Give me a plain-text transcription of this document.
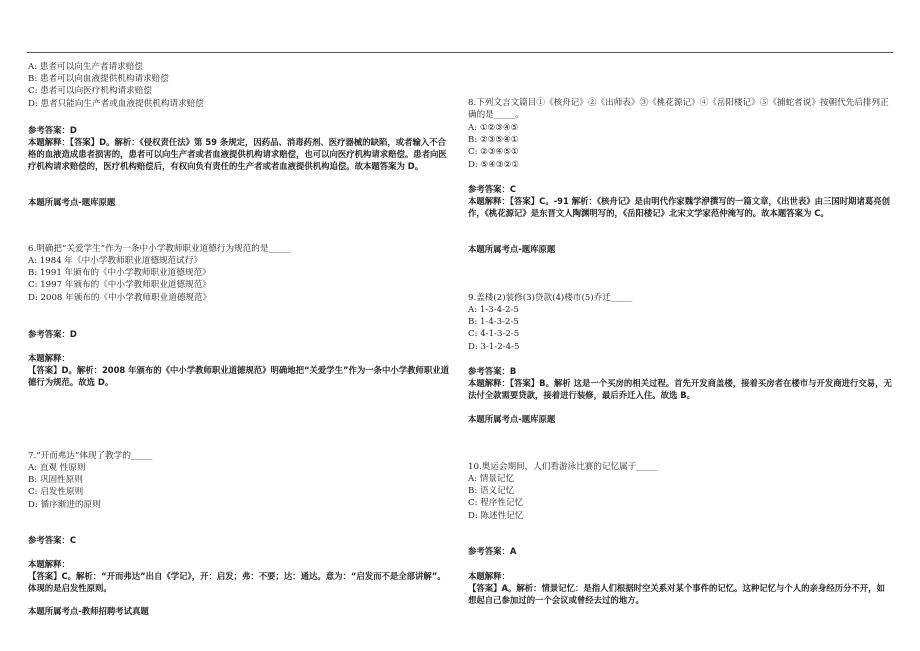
A: 患者可以向生产者请求赔偿
B: 患者可以向血液提供机构请求赔偿
C: 患者可以向医疗机构请求赔偿
D: 患者只能向生产者或血液提供机构请求赔偿
参考答案：D
本题解释：【答案】D。解析：《侵权责任法》第 59 条规定，因药品、消毒药剂、医疗器械的缺陷，或者输入不合格的血液造成患者损害的，患者可以向生产者或者血液提供机构请求赔偿，也可以向医疗机构请求赔偿。患者向医疗机构请求赔偿的，医疗机构赔偿后，有权向负有责任的生产者或者血液提供机构追偿。故本题答案为 D。
本题所属考点-题库原题
6.明确把“关爱学生”作为一条中小学教师职业道德行为规范的是_____
A: 1984 年《中小学教师职业道德规范试行》
B: 1991 年颁布的《中小学教师职业道德规范》
C: 1997 年颁布的《中小学教师职业道德规范》
D: 2008 年颁布的《中小学教师职业道德规范》
参考答案：D
本题解释：
【答案】D。解析：2008 年颁布的《中小学教师职业道德规范》明确地把“关爱学生”作为一条中小学教师职业道德行为规范。故选 D。
7.“开而弗达”体现了教学的_____
A: 直观 性原则
B: 巩固性原则
C: 启发性原则
D: 循序渐进的原则
参考答案：C
本题解释：
【答案】C。解析：“开而弗达”出自《学记》，开：启发；弗：不要；达：通达。意为：“启发而不是全部讲解”。体现的是启发性原则。
本题所属考点-教师招聘考试真题
8.下列文言文篇目①《核舟记》②《出师表》③《桃花源记》④《岳阳楼记》⑤《捕蛇者说》按朝代先后排列正确的是_____。
A: ①②③④⑤
B: ②③⑤④①
C: ②③④⑤①
D: ⑤④③②①
参考答案：C
本题解释：【答案】C。-91 解析：《核舟记》是由明代作家魏学洢撰写的一篇文章，《出世表》由三国时期诸葛亮创作，《桃花源记》是东晋文人陶渊明写的，《岳阳楼记》北宋文学家范仲淹写的。故本题答案为 C。
本题所属考点-题库原题
9.盖楼(2)装修(3)贷款(4)楼市(5)乔迁_____
A: 1-3-4-2-5
B: 1-4-3-2-5
C: 4-1-3-2-5
D: 3-1-2-4-5
参考答案：B
本题解释：【答案】B。解析 这是一个买房的相关过程。首先开发商盖楼，接着买房者在楼市与开发商进行交易，无法付全款需要贷款，接着进行装修，最后乔迁入住。故选 B。
本题所属考点-题库原题
10.奥运会期间，人们看游泳比赛的记忆属于_____
A: 情景记忆
B: 语义记忆
C: 程序性记忆
D: 陈述性记忆
参考答案：A
本题解释：
【答案】A。解析：情景记忆：是指人们根据时空关系对某个事件的记忆。这种记忆与个人的亲身经历分不开，如想起自己参加过的一个会议或曾经去过的地方。
